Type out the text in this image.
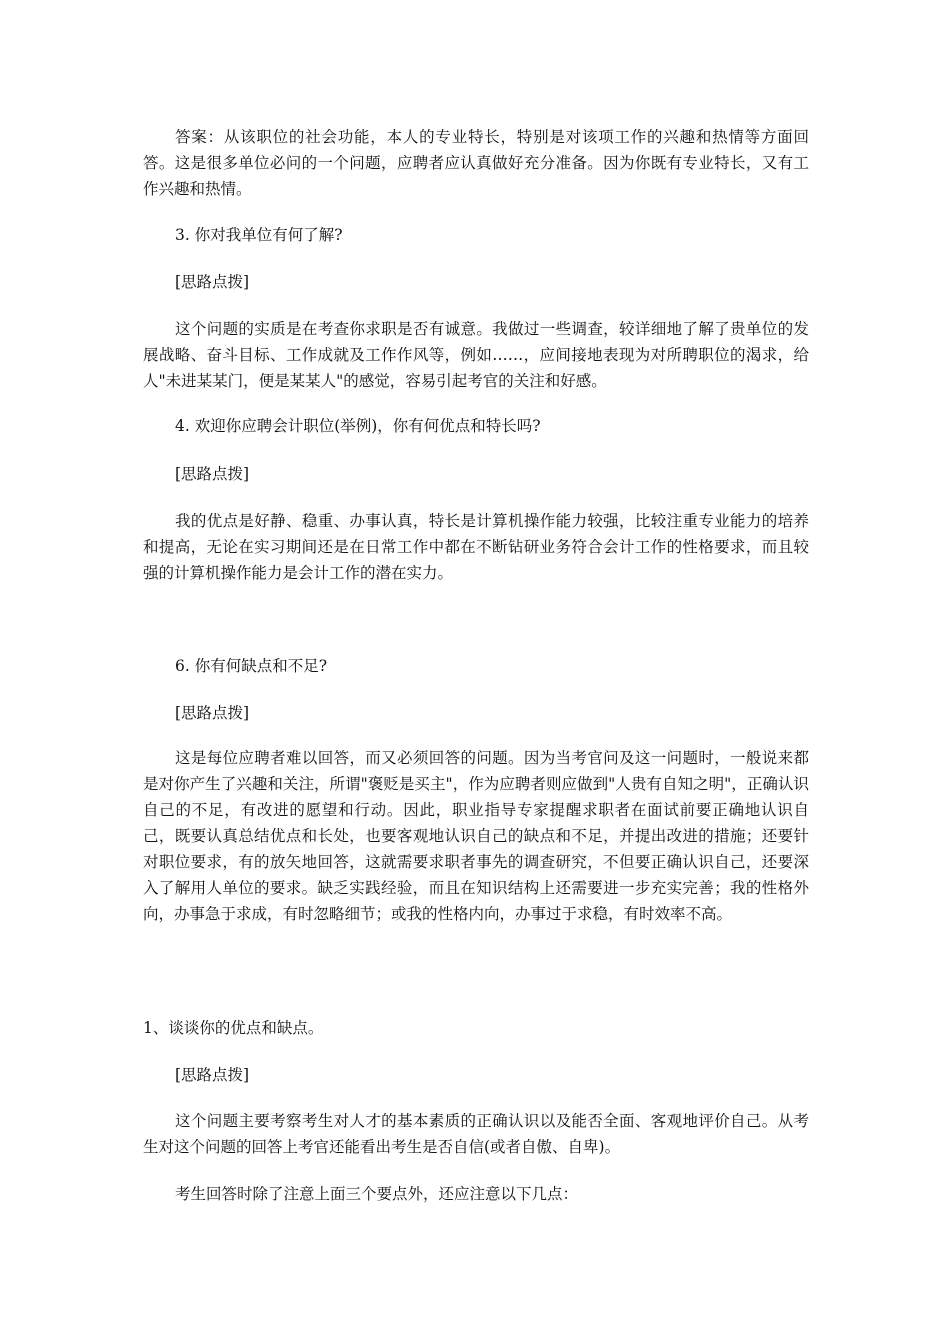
答案：从该职位的社会功能，本人的专业特长，特别是对该项工作的兴趣和热情等方面回答。这是很多单位必问的一个问题，应聘者应认真做好充分准备。因为你既有专业特长，又有工作兴趣和热情。

3. 你对我单位有何了解?

[思路点拨]

这个问题的实质是在考查你求职是否有诚意。我做过一些调查，较详细地了解了贵单位的发展战略、奋斗目标、工作成就及工作作风等，例如……，应间接地表现为对所聘职位的渴求，给人"未进某某门，便是某某人"的感觉，容易引起考官的关注和好感。

4. 欢迎你应聘会计职位(举例)，你有何优点和特长吗?

[思路点拨]

我的优点是好静、稳重、办事认真，特长是计算机操作能力较强，比较注重专业能力的培养和提高，无论在实习期间还是在日常工作中都在不断钻研业务符合会计工作的性格要求，而且较强的计算机操作能力是会计工作的潜在实力。

6. 你有何缺点和不足?

[思路点拨]

这是每位应聘者难以回答，而又必须回答的问题。因为当考官问及这一问题时，一般说来都是对你产生了兴趣和关注，所谓"褒贬是买主"，作为应聘者则应做到"人贵有自知之明"，正确认识自己的不足，有改进的愿望和行动。因此，职业指导专家提醒求职者在面试前要正确地认识自己，既要认真总结优点和长处，也要客观地认识自己的缺点和不足，并提出改进的措施；还要针对职位要求，有的放矢地回答，这就需要求职者事先的调查研究，不但要正确认识自己，还要深入了解用人单位的要求。缺乏实践经验，而且在知识结构上还需要进一步充实完善；我的性格外向，办事急于求成，有时忽略细节；或我的性格内向，办事过于求稳，有时效率不高。

1、谈谈你的优点和缺点。

[思路点拨]

这个问题主要考察考生对人才的基本素质的正确认识以及能否全面、客观地评价自己。从考生对这个问题的回答上考官还能看出考生是否自信(或者自傲、自卑)。

考生回答时除了注意上面三个要点外，还应注意以下几点：
